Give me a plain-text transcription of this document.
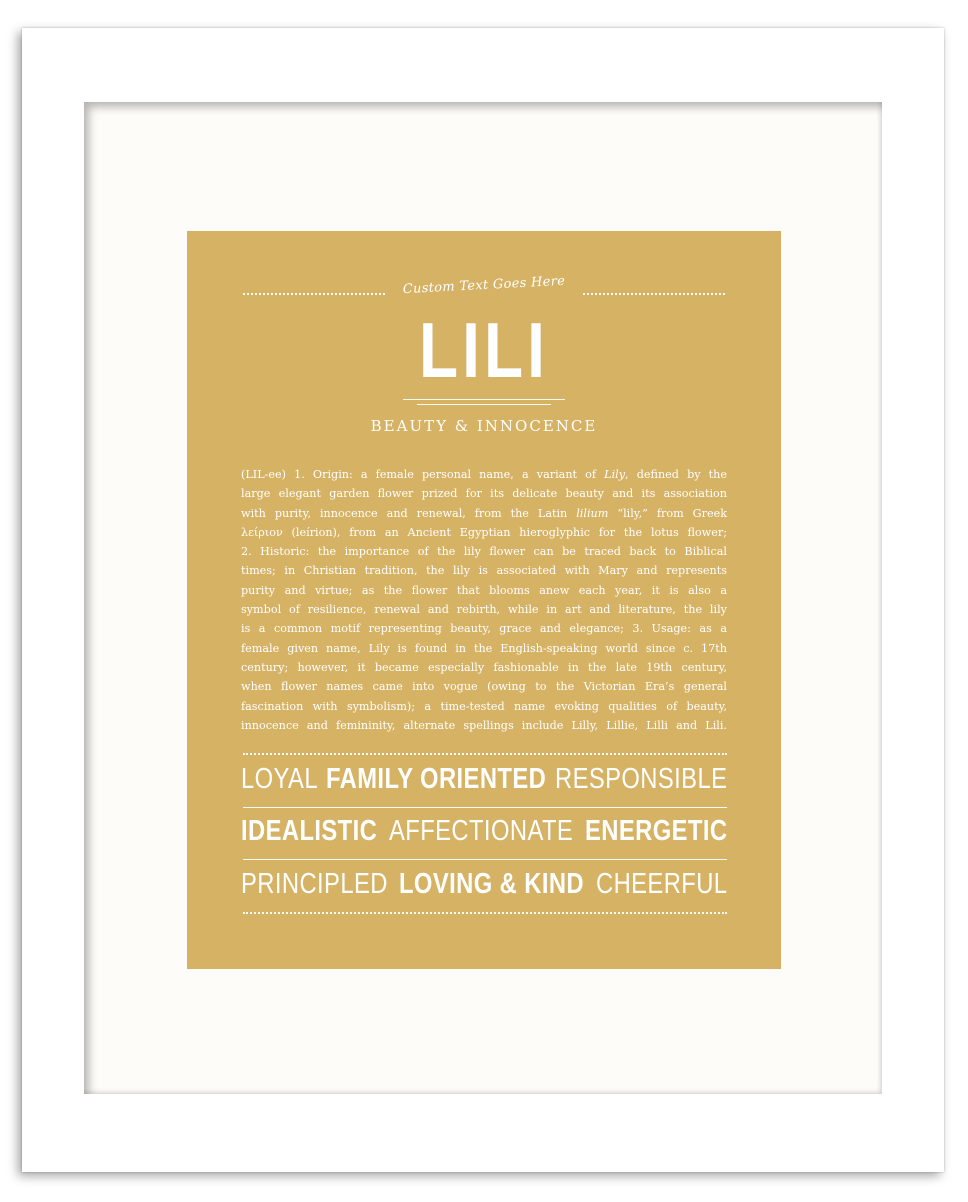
Custom Text Goes Here
LILI
BEAUTY & INNOCENCE
(LIL-ee) 1. Origin: a female personal name, a variant of Lily, defined by the
large elegant garden flower prized for its delicate beauty and its association
with purity, innocence and renewal, from the Latin lilium “lily,” from Greek
λείριον (leírion), from an Ancient Egyptian hieroglyphic for the lotus flower;
2. Historic: the importance of the lily flower can be traced back to Biblical
times; in Christian tradition, the lily is associated with Mary and represents
purity and virtue; as the flower that blooms anew each year, it is also a
symbol of resilience, renewal and rebirth, while in art and literature, the lily
is a common motif representing beauty, grace and elegance; 3. Usage: as a
female given name, Lily is found in the English-speaking world since c. 17th
century; however, it became especially fashionable in the late 19th century,
when flower names came into vogue (owing to the Victorian Era’s general
fascination with symbolism); a time-tested name evoking qualities of beauty,
innocence and femininity, alternate spellings include Lilly, Lillie, Lilli and Lili.
LOYAL FAMILY ORIENTED RESPONSIBLE
IDEALISTIC AFFECTIONATE ENERGETIC
PRINCIPLED LOVING & KIND CHEERFUL
